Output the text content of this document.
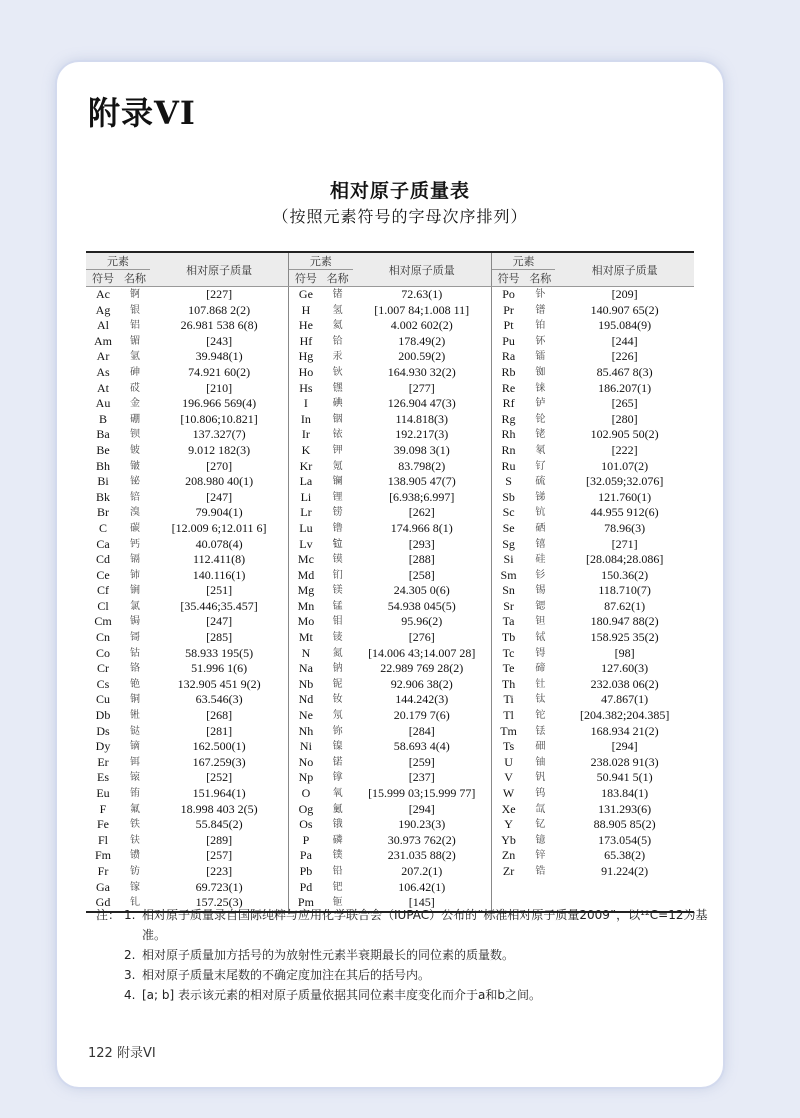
附录VI
相对原子质量表
（按照元素符号的字母次序排列）
元素		相对原子质量	元素		相对原子质量	元素		相对原子质量
符号	名称		符号	名称		符号	名称	
Ac	锕	[227]	Ge	锗	72.63(1)	Po	钋	[209]
Ag	银	107.868 2(2)	H	氢	[1.007 84;1.008 11]	Pr	镨	140.907 65(2)
Al	铝	26.981 538 6(8)	He	氦	4.002 602(2)	Pt	铂	195.084(9)
Am	镅	[243]	Hf	铪	178.49(2)	Pu	钚	[244]
Ar	氩	39.948(1)	Hg	汞	200.59(2)	Ra	镭	[226]
As	砷	74.921 60(2)	Ho	钬	164.930 32(2)	Rb	铷	85.467 8(3)
At	砹	[210]	Hs	𬭶	[277]	Re	铼	186.207(1)
Au	金	196.966 569(4)	I	碘	126.904 47(3)	Rf	𬬻	[265]
B	硼	[10.806;10.821]	In	铟	114.818(3)	Rg	𬬭	[280]
Ba	钡	137.327(7)	Ir	铱	192.217(3)	Rh	铑	102.905 50(2)
Be	铍	9.012 182(3)	K	钾	39.098 3(1)	Rn	氡	[222]
Bh	𬭛	[270]	Kr	氪	83.798(2)	Ru	钌	101.07(2)
Bi	铋	208.980 40(1)	La	镧	138.905 47(7)	S	硫	[32.059;32.076]
Bk	锫	[247]	Li	锂	[6.938;6.997]	Sb	锑	121.760(1)
Br	溴	79.904(1)	Lr	铹	[262]	Sc	钪	44.955 912(6)
C	碳	[12.009 6;12.011 6]	Lu	镥	174.966 8(1)	Se	硒	78.96(3)
Ca	钙	40.078(4)	Lv	𫟷	[293]	Sg	𬭳	[271]
Cd	镉	112.411(8)	Mc	镆	[288]	Si	硅	[28.084;28.086]
Ce	铈	140.116(1)	Md	钔	[258]	Sm	钐	150.36(2)
Cf	锎	[251]	Mg	镁	24.305 0(6)	Sn	锡	118.710(7)
Cl	氯	[35.446;35.457]	Mn	锰	54.938 045(5)	Sr	锶	87.62(1)
Cm	锔	[247]	Mo	钼	95.96(2)	Ta	钽	180.947 88(2)
Cn	鿔	[285]	Mt	鿏	[276]	Tb	铽	158.925 35(2)
Co	钴	58.933 195(5)	N	氮	[14.006 43;14.007 28]	Tc	锝	[98]
Cr	铬	51.996 1(6)	Na	钠	22.989 769 28(2)	Te	碲	127.60(3)
Cs	铯	132.905 451 9(2)	Nb	铌	92.906 38(2)	Th	钍	232.038 06(2)
Cu	铜	63.546(3)	Nd	钕	144.242(3)	Ti	钛	47.867(1)
Db	𬭊	[268]	Ne	氖	20.179 7(6)	Tl	铊	[204.382;204.385]
Ds	𫟼	[281]	Nh	鿭	[284]	Tm	铥	168.934 21(2)
Dy	镝	162.500(1)	Ni	镍	58.693 4(4)	Ts	鿬	[294]
Er	铒	167.259(3)	No	锘	[259]	U	铀	238.028 91(3)
Es	锿	[252]	Np	镎	[237]	V	钒	50.941 5(1)
Eu	铕	151.964(1)	O	氧	[15.999 03;15.999 77]	W	钨	183.84(1)
F	氟	18.998 403 2(5)	Og	鿫	[294]	Xe	氙	131.293(6)
Fe	铁	55.845(2)	Os	锇	190.23(3)	Y	钇	88.905 85(2)
Fl	𫓧	[289]	P	磷	30.973 762(2)	Yb	镱	173.054(5)
Fm	镄	[257]	Pa	镤	231.035 88(2)	Zn	锌	65.38(2)
Fr	钫	[223]	Pb	铅	207.2(1)	Zr	锆	91.224(2)
Ga	镓	69.723(1)	Pd	钯	106.42(1)			
Gd	钆	157.25(3)	Pm	钷	[145]			
注： 1. 相对原子质量录自国际纯粹与应用化学联合会（IUPAC）公布的“标准相对原子质量2009”，以¹²C=12为基准。
2. 相对原子质量加方括号的为放射性元素半衰期最长的同位素的质量数。
3. 相对原子质量末尾数的不确定度加注在其后的括号内。
4. [a; b] 表示该元素的相对原子质量依据其同位素丰度变化而介于a和b之间。
122 附录VI
